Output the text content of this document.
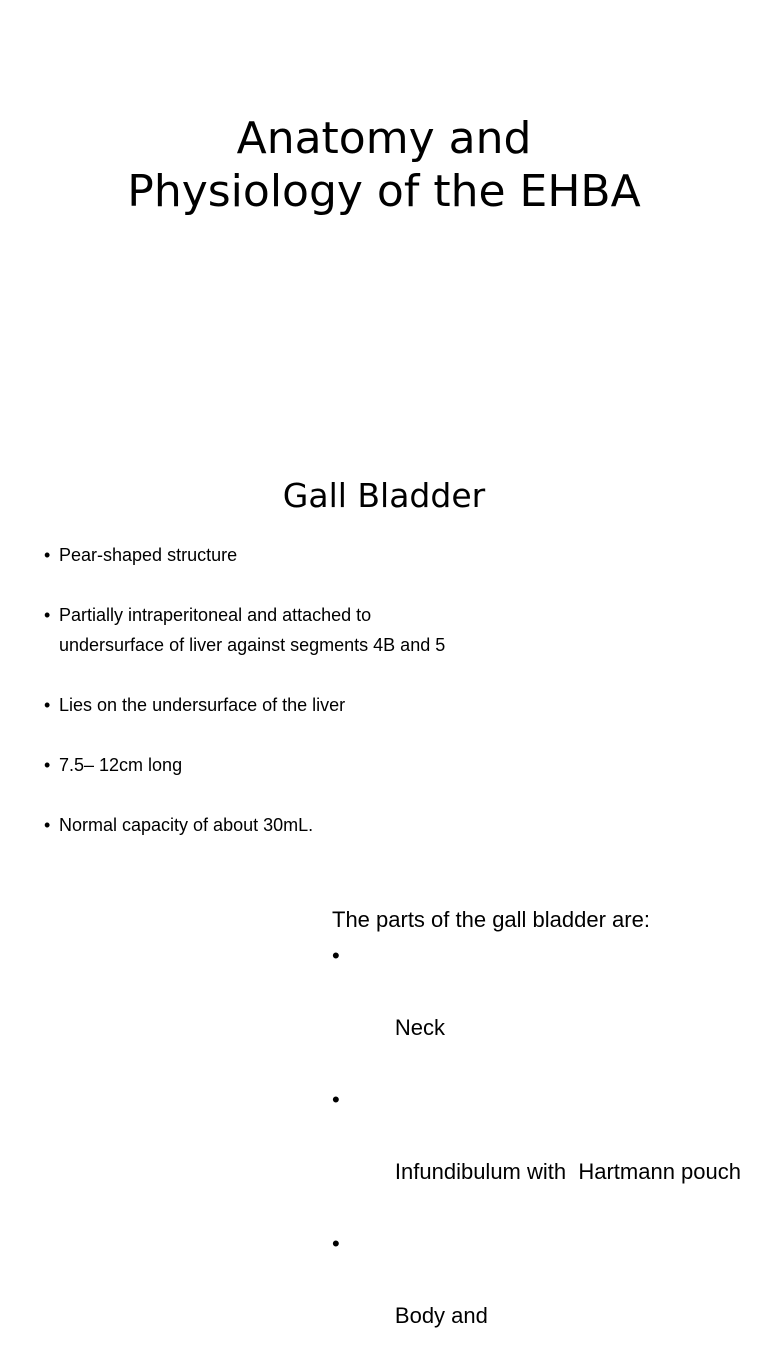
Anatomy and
Physiology of the EHBA
Gall Bladder
• Pear-shaped structure
• Partially intraperitoneal and attached to
undersurface of liver against segments 4B and 5
• Lies on the undersurface of the liver
• 7.5– 12cm long
• Normal capacity of about 30mL.
The parts of the gall bladder are:

•

Neck

•

Infundibulum with  Hartmann pouch

•

Body and
